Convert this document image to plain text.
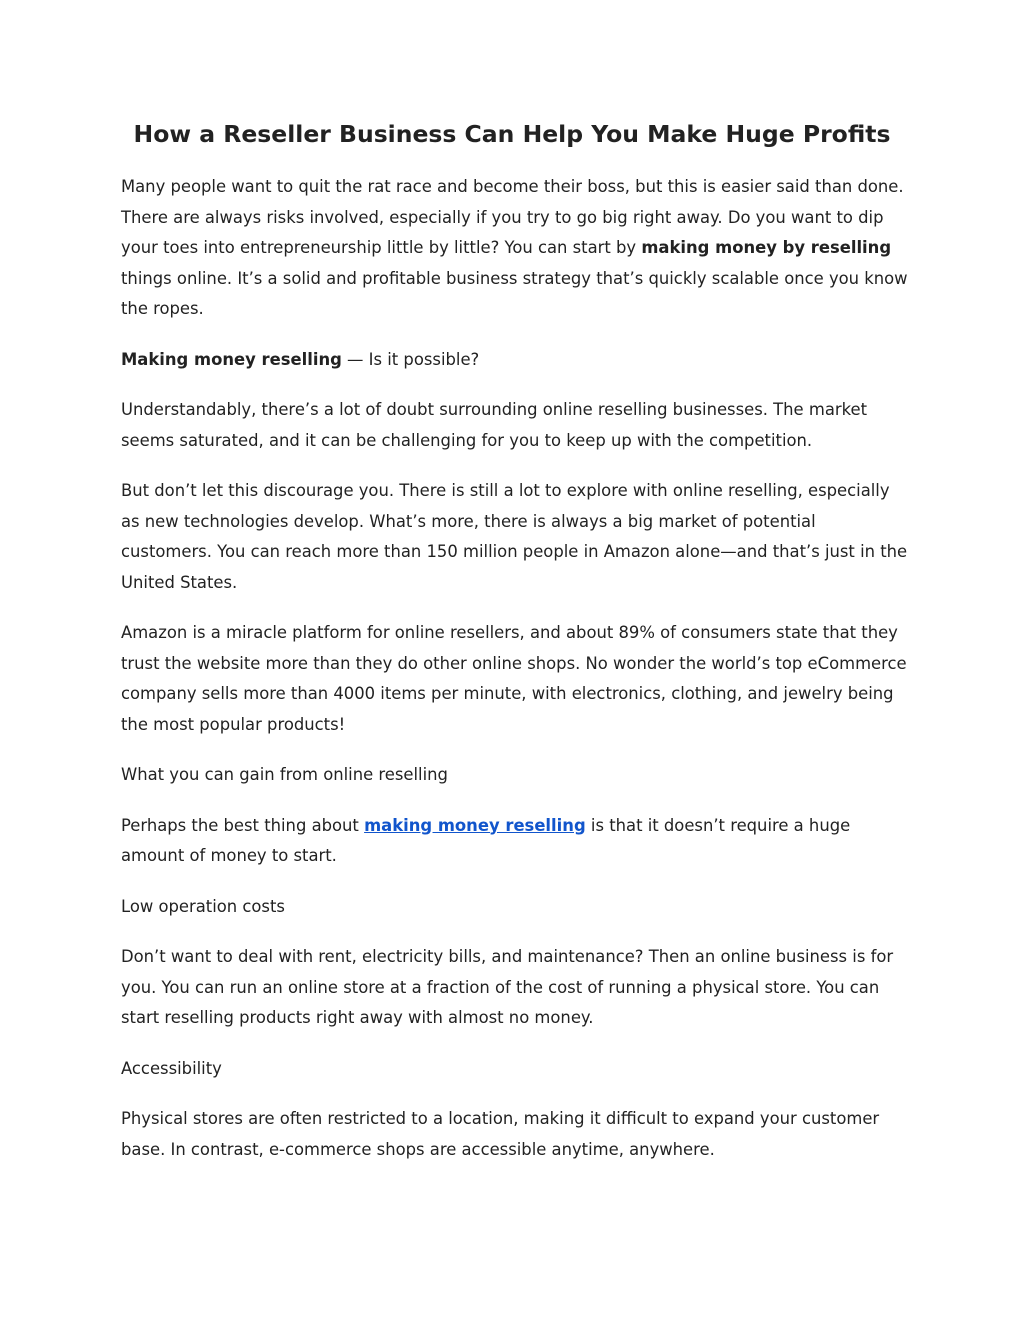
How a Reseller Business Can Help You Make Huge Profits

Many people want to quit the rat race and become their boss, but this is easier said than done. There are always risks involved, especially if you try to go big right away. Do you want to dip your toes into entrepreneurship little by little? You can start by making money by reselling things online. It’s a solid and profitable business strategy that’s quickly scalable once you know the ropes.

Making money reselling — Is it possible?

Understandably, there’s a lot of doubt surrounding online reselling businesses. The market seems saturated, and it can be challenging for you to keep up with the competition.

But don’t let this discourage you. There is still a lot to explore with online reselling, especially as new technologies develop. What’s more, there is always a big market of potential customers. You can reach more than 150 million people in Amazon alone—and that’s just in the United States.

Amazon is a miracle platform for online resellers, and about 89% of consumers state that they trust the website more than they do other online shops. No wonder the world’s top eCommerce company sells more than 4000 items per minute, with electronics, clothing, and jewelry being the most popular products!

What you can gain from online reselling

Perhaps the best thing about making money reselling is that it doesn’t require a huge amount of money to start.

Low operation costs

Don’t want to deal with rent, electricity bills, and maintenance? Then an online business is for you. You can run an online store at a fraction of the cost of running a physical store. You can start reselling products right away with almost no money.

Accessibility

Physical stores are often restricted to a location, making it difficult to expand your customer base. In contrast, e-commerce shops are accessible anytime, anywhere.
